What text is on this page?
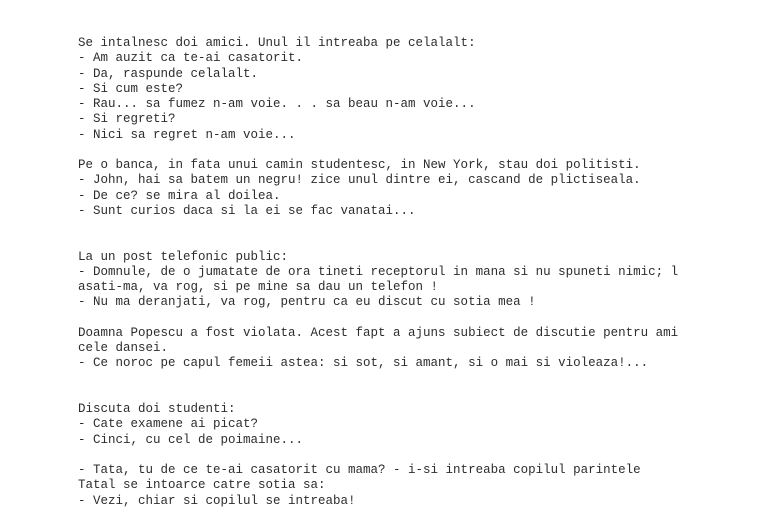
Se intalnesc doi amici. Unul il intreaba pe celalalt:
- Am auzit ca te-ai casatorit.
- Da, raspunde celalalt.
- Si cum este?
- Rau... sa fumez n-am voie. . . sa beau n-am voie...
- Si regreti?
- Nici sa regret n-am voie...
Pe o banca, in fata unui camin studentesc, in New York, stau doi politisti.
- John, hai sa batem un negru! zice unul dintre ei, cascand de plictiseala.
- De ce? se mira al doilea.
- Sunt curios daca si la ei se fac vanatai...
La un post telefonic public:
- Domnule, de o jumatate de ora tineti receptorul in mana si nu spuneti nimic; l
asati-ma, va rog, si pe mine sa dau un telefon !
- Nu ma deranjati, va rog, pentru ca eu discut cu sotia mea !
Doamna Popescu a fost violata. Acest fapt a ajuns subiect de discutie pentru ami
cele dansei.
- Ce noroc pe capul femeii astea: si sot, si amant, si o mai si violeaza!...
Discuta doi studenti:
- Cate examene ai picat?
- Cinci, cu cel de poimaine...
- Tata, tu de ce te-ai casatorit cu mama? - i-si intreaba copilul parintele
Tatal se intoarce catre sotia sa:
- Vezi, chiar si copilul se intreaba!
